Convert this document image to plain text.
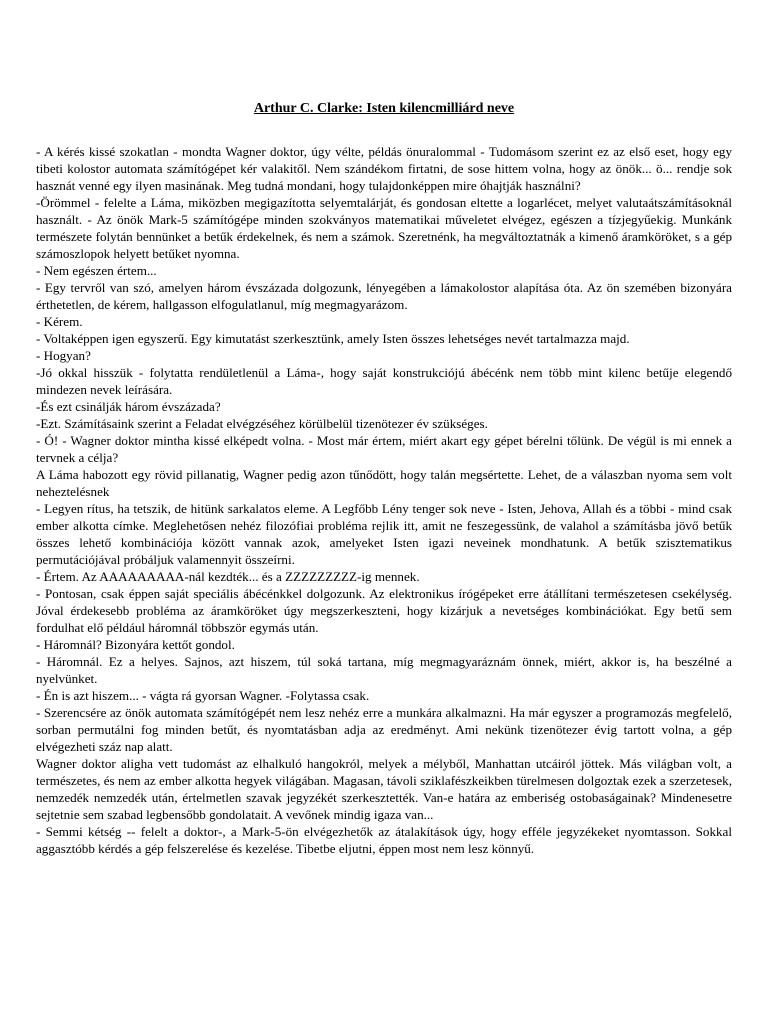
Arthur C. Clarke: Isten kilencmilliárd neve

- A kérés kissé szokatlan - mondta Wagner doktor, úgy vélte, példás önuralommal - Tudomásom szerint ez az első eset, hogy egy tibeti kolostor automata számítógépet kér valakitől. Nem szándékom firtatni, de sose hittem volna, hogy az önök... ö... rendje sok hasznát venné egy ilyen masinának. Meg tudná mondani, hogy tulajdonképpen mire óhajtják használni?

-Örömmel - felelte a Láma, miközben megigazította selyemtalárját, és gondosan eltette a logarlécet, melyet valutaátszámításoknál használt. - Az önök Mark-5 számítógépe minden szokványos matematikai műveletet elvégez, egészen a tízjegyűekig. Munkánk természete folytán bennünket a betűk érdekelnek, és nem a számok. Szeretnénk, ha megváltoztatnák a kimenő áramköröket, s a gép számoszlopok helyett betűket nyomna.

- Nem egészen értem...

- Egy tervről van szó, amelyen három évszázada dolgozunk, lényegében a lámakolostor alapítása óta. Az ön szemében bizonyára érthetetlen, de kérem, hallgasson elfogulatlanul, míg megmagyarázom.

- Kérem.

- Voltaképpen igen egyszerű. Egy kimutatást szerkesztünk, amely Isten összes lehetséges nevét tartalmazza majd.

- Hogyan?

-Jó okkal hisszük - folytatta rendületlenül a Láma-, hogy saját konstrukciójú ábécénk nem több mint kilenc betűje elegendő mindezen nevek leírására.

-És ezt csinálják három évszázada?

-Ezt. Számításaink szerint a Feladat elvégzéséhez körülbelül tizenötezer év szükséges.

- Ó! - Wagner doktor mintha kissé elképedt volna. - Most már értem, miért akart egy gépet bérelni tőlünk. De végül is mi ennek a tervnek a célja?

A Láma habozott egy rövid pillanatig, Wagner pedig azon tűnődött, hogy talán megsértette. Lehet, de a válaszban nyoma sem volt neheztelésnek

- Legyen rítus, ha tetszik, de hitünk sarkalatos eleme. A Legfőbb Lény tenger sok neve - Isten, Jehova, Allah és a többi - mind csak ember alkotta címke. Meglehetősen nehéz filozófiai probléma rejlik itt, amit ne feszegessünk, de valahol a számításba jövő betűk összes lehető kombinációja között vannak azok, amelyeket Isten igazi neveinek mondhatunk. A betűk szisztematikus permutációjával próbáljuk valamennyit összeírni.

- Értem. Az AAAAAAAAA-nál kezdték... és a ZZZZZZZZZ-ig mennek.

- Pontosan, csak éppen saját speciális ábécénkkel dolgozunk. Az elektronikus írógépeket erre átállítani természetesen csekélység. Jóval érdekesebb probléma az áramköröket úgy megszerkeszteni, hogy kizárjuk a nevetséges kombinációkat. Egy betű sem fordulhat elő például háromnál többször egymás után.

- Háromnál? Bizonyára kettőt gondol.

- Háromnál. Ez a helyes. Sajnos, azt hiszem, túl soká tartana, míg megmagyaráznám önnek, miért, akkor is, ha beszélné a nyelvünket.

- Én is azt hiszem... - vágta rá gyorsan Wagner. -Folytassa csak.

- Szerencsére az önök automata számítógépét nem lesz nehéz erre a munkára alkalmazni. Ha már egyszer a programozás megfelelő, sorban permutálni fog minden betűt, és nyomtatásban adja az eredményt. Ami nekünk tizenötezer évig tartott volna, a gép elvégezheti száz nap alatt.

Wagner doktor aligha vett tudomást az elhalkuló hangokról, melyek a mélyből, Manhattan utcáiról jöttek. Más világban volt, a természetes, és nem az ember alkotta hegyek világában. Magasan, távoli sziklafészkeikben türelmesen dolgoztak ezek a szerzetesek, nemzedék nemzedék után, értelmetlen szavak jegyzékét szerkesztették. Van-e határa az emberiség ostobaságainak? Mindenesetre sejtetnie sem szabad legbensőbb gondolatait. A vevőnek mindig igaza van...

- Semmi kétség -- felelt a doktor-, a Mark-5-ön elvégezhetők az átalakítások úgy, hogy efféle jegyzékeket nyomtasson. Sokkal aggasztóbb kérdés a gép felszerelése és kezelése. Tibetbe eljutni, éppen most nem lesz könnyű.
